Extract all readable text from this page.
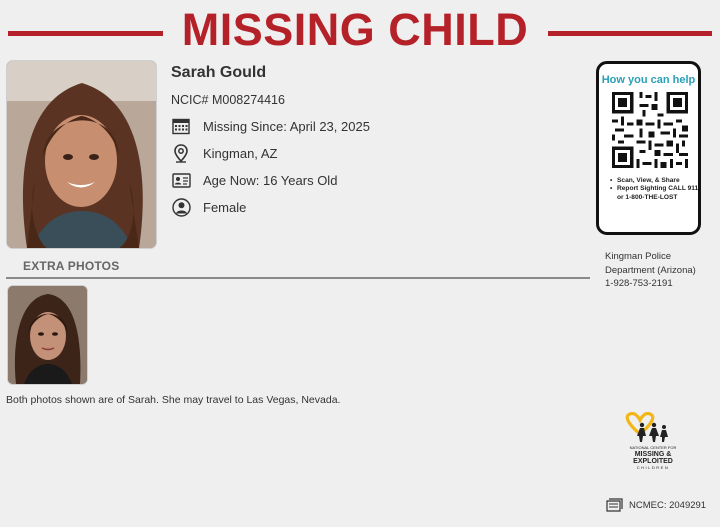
MISSING CHILD
Sarah Gould
NCIC# M008274416
Missing Since: April 23, 2025
Kingman, AZ
Age Now: 16 Years Old
Female
EXTRA PHOTOS
Both photos shown are of Sarah. She may travel to Las Vegas, Nevada.
How you can help
• Scan, View, & Share
• Report Sighting CALL 911 or 1-800-THE-LOST
Kingman Police
Department (Arizona)
1-928-753-2191
NATIONAL CENTER FOR
MISSING &
EXPLOITED
CHILDREN
NCMEC: 2049291
